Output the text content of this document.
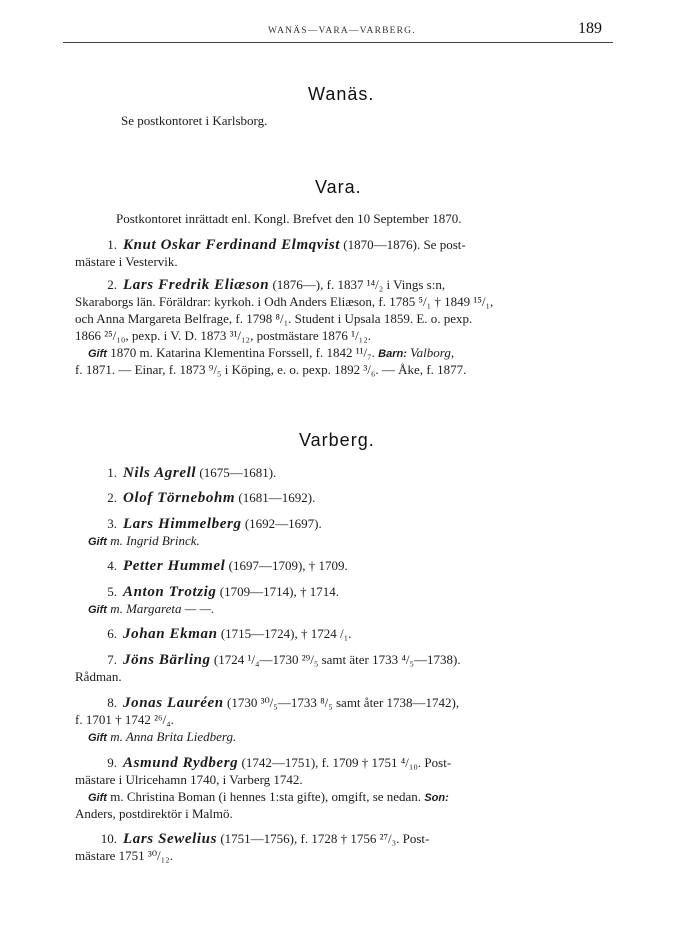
WANÄS—VARA—VARBERG.	189
Wanäs.
Se postkontoret i Karlsborg.
Vara.
Postkontoret inrättadt enl. Kongl. Brefvet den 10 September 1870.
1. Knut Oskar Ferdinand Elmqvist (1870—1876). Se post-
mästare i Vestervik.
2. Lars Fredrik Eliæson (1876—), f. 1837 ¹⁴/₂ i Vings s:n,
Skaraborgs län. Föräldrar: kyrkoh. i Odh Anders Eliæson, f. 1785 ⁵/₁ † 1849 ¹⁵/₁,
och Anna Margareta Belfrage, f. 1798 ⁸/₁. Student i Upsala 1859. E. o. pexp.
1866 ²⁵/₁₀, pexp. i V. D. 1873 ³¹/₁₂, postmästare 1876 ¹/₁₂.
Gift 1870 m. Katarina Klementina Forssell, f. 1842 ¹¹/₇. Barn: Valborg,
f. 1871. — Einar, f. 1873 ⁹/₅ i Köping, e. o. pexp. 1892 ³/₆. — Åke, f. 1877.
Varberg.
1. Nils Agrell (1675—1681).
2. Olof Törnebohm (1681—1692).
3. Lars Himmelberg (1692—1697).
Gift m. Ingrid Brinck.
4. Petter Hummel (1697—1709), † 1709.
5. Anton Trotzig (1709—1714), † 1714.
Gift m. Margareta — —.
6. Johan Ekman (1715—1724), † 1724 /₁.
7. Jöns Bärling (1724 ¹/₄—1730 ²⁹/₅ samt äter 1733 ⁴/₅—1738).
Rådman.
8. Jonas Lauréen (1730 ³⁰/₅—1733 ⁸/₅ samt åter 1738—1742),
f. 1701 † 1742 ²⁶/₄.
Gift m. Anna Brita Liedberg.
9. Asmund Rydberg (1742—1751), f. 1709 † 1751 ⁴/₁₀. Post-
mästare i Ulricehamn 1740, i Varberg 1742.
Gift m. Christina Boman (i hennes 1:sta gifte), omgift, se nedan. Son:
Anders, postdirektör i Malmö.
10. Lars Sewelius (1751—1756), f. 1728 † 1756 ²⁷/₃. Post-
mästare 1751 ³⁰/₁₂.
